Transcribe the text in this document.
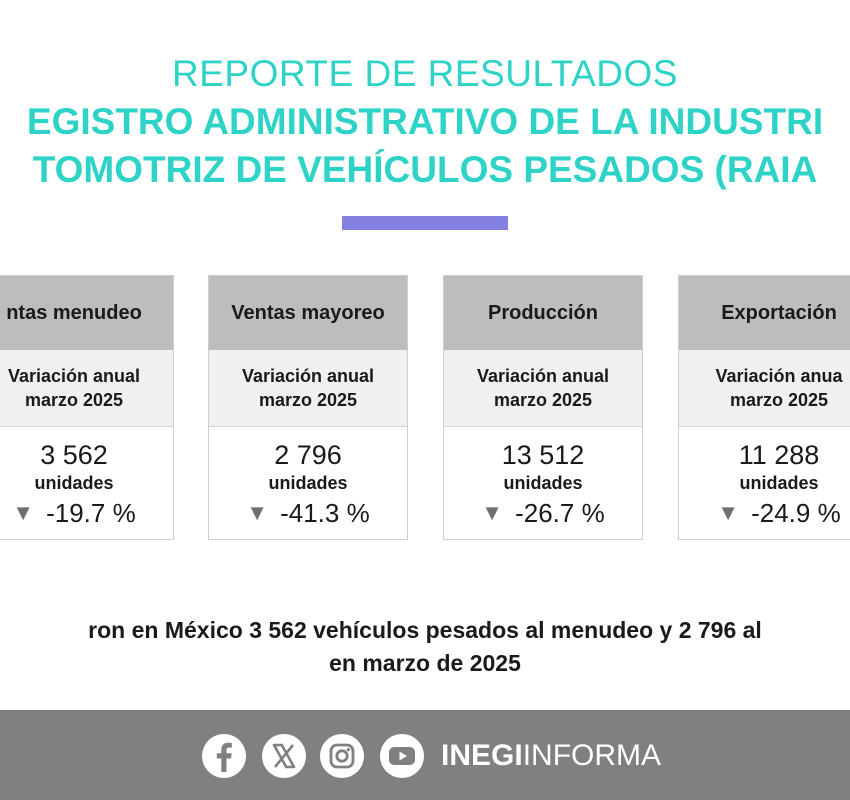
REPORTE DE RESULTADOS
EGISTRO ADMINISTRATIVO DE LA INDUSTRI
TOMOTRIZ DE VEHÍCULOS PESADOS (RAIA
ntas menudeo
Variación anual
marzo 2025
3 562
unidades
▼ -19.7 %
Ventas mayoreo
Variación anual
marzo 2025
2 796
unidades
▼ -41.3 %
Producción
Variación anual
marzo 2025
13 512
unidades
▼ -26.7 %
Exportación
Variación anua
marzo 2025
11 288
unidades
▼ -24.9 %
ron en México 3 562 vehículos pesados al menudeo y 2 796 al
en marzo de 2025
INEGIINFORMA
